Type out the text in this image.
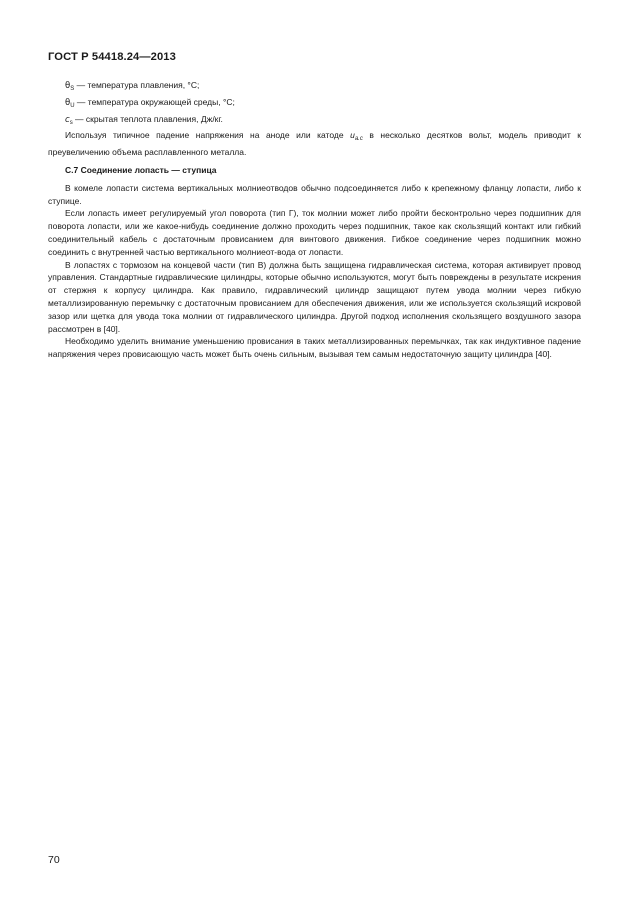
ГОСТ Р 54418.24—2013

$\theta_S$ — температура плавления, °C;

$\theta_U$ — температура окружающей среды, °C;

$c_s$ — скрытая теплота плавления, Дж/кг.

Используя типичное падение напряжения на аноде или катоде $u_{а.с}$ в несколько десятков вольт, модель приводит к преувеличению объема расплавленного металла.

С.7 Соединение лопасть — ступица

В комеле лопасти система вертикальных молниеотводов обычно подсоединяется либо к крепежному фланцу лопасти, либо к ступице.

Если лопасть имеет регулируемый угол поворота (тип Г), ток молнии может либо пройти бесконтрольно через подшипник для поворота лопасти, или же какое-нибудь соединение должно проходить через подшипник, такое как скользящий контакт или гибкий соединительный кабель с достаточным провисанием для винтового движения. Гибкое соединение через подшипник можно соединить с внутренней частью вертикального молниеот-вода от лопасти.

В лопастях с тормозом на концевой части (тип В) должна быть защищена гидравлическая система, которая активирует провод управления. Стандартные гидравлические цилиндры, которые обычно используются, могут быть повреждены в результате искрения от стержня к корпусу цилиндра. Как правило, гидравлический цилиндр защищают путем увода молнии через гибкую металлизированную перемычку с достаточным провисанием для обеспечения движения, или же используется скользящий искровой зазор или щетка для увода тока молнии от гидравлического цилиндра. Другой подход исполнения скользящего воздушного зазора рассмотрен в [40].

Необходимо уделить внимание уменьшению провисания в таких металлизированных перемычках, так как индуктивное падение напряжения через провисающую часть может быть очень сильным, вызывая тем самым недостаточную защиту цилиндра [40].

70
